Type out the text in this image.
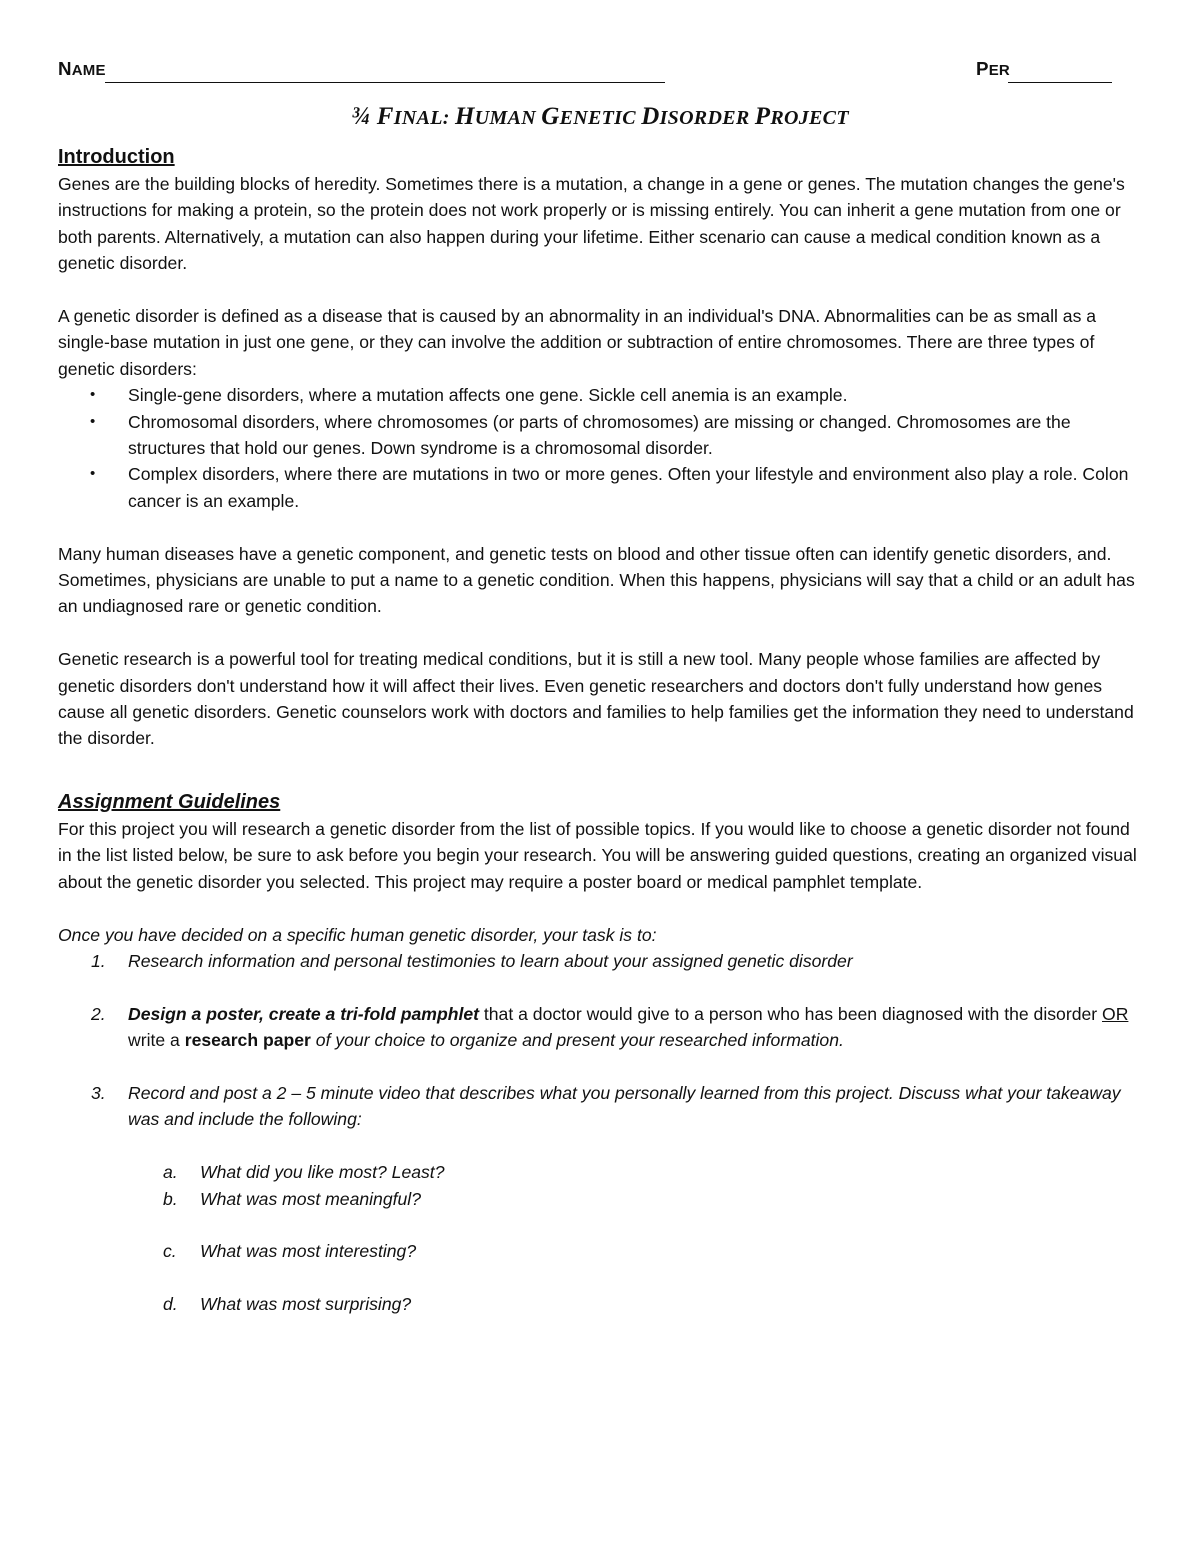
NAME	PER
¾ FINAL: HUMAN GENETIC DISORDER PROJECT
Introduction

Genes are the building blocks of heredity. Sometimes there is a mutation, a change in a gene or genes. The mutation changes the gene's instructions for making a protein, so the protein does not work properly or is missing entirely. You can inherit a gene mutation from one or both parents. Alternatively, a mutation can also happen during your lifetime. Either scenario can cause a medical condition known as a genetic disorder.

A genetic disorder is defined as a disease that is caused by an abnormality in an individual's DNA. Abnormalities can be as small as a single-base mutation in just one gene, or they can involve the addition or subtraction of entire chromosomes. There are three types of genetic disorders:

• Single-gene disorders, where a mutation affects one gene. Sickle cell anemia is an example.
• Chromosomal disorders, where chromosomes (or parts of chromosomes) are missing or changed. Chromosomes are the structures that hold our genes. Down syndrome is a chromosomal disorder.
• Complex disorders, where there are mutations in two or more genes. Often your lifestyle and environment also play a role. Colon cancer is an example.

Many human diseases have a genetic component, and genetic tests on blood and other tissue often can identify genetic disorders, and. Sometimes, physicians are unable to put a name to a genetic condition. When this happens, physicians will say that a child or an adult has an undiagnosed rare or genetic condition.

Genetic research is a powerful tool for treating medical conditions, but it is still a new tool. Many people whose families are affected by genetic disorders don't understand how it will affect their lives. Even genetic researchers and doctors don't fully understand how genes cause all genetic disorders. Genetic counselors work with doctors and families to help families get the information they need to understand the disorder.

Assignment Guidelines

For this project you will research a genetic disorder from the list of possible topics. If you would like to choose a genetic disorder not found in the list listed below, be sure to ask before you begin your research. You will be answering guided questions, creating an organized visual about the genetic disorder you selected. This project may require a poster board or medical pamphlet template.

Once you have decided on a specific human genetic disorder, your task is to:

1. Research information and personal testimonies to learn about your assigned genetic disorder
2. Design a poster, create a tri-fold pamphlet that a doctor would give to a person who has been diagnosed with the disorder OR write a research paper of your choice to organize and present your researched information.
3. Record and post a 2 – 5 minute video that describes what you personally learned from this project. Discuss what your takeaway was and include the following:
a. What did you like most? Least?
b. What was most meaningful?
c. What was most interesting?
d. What was most surprising?
